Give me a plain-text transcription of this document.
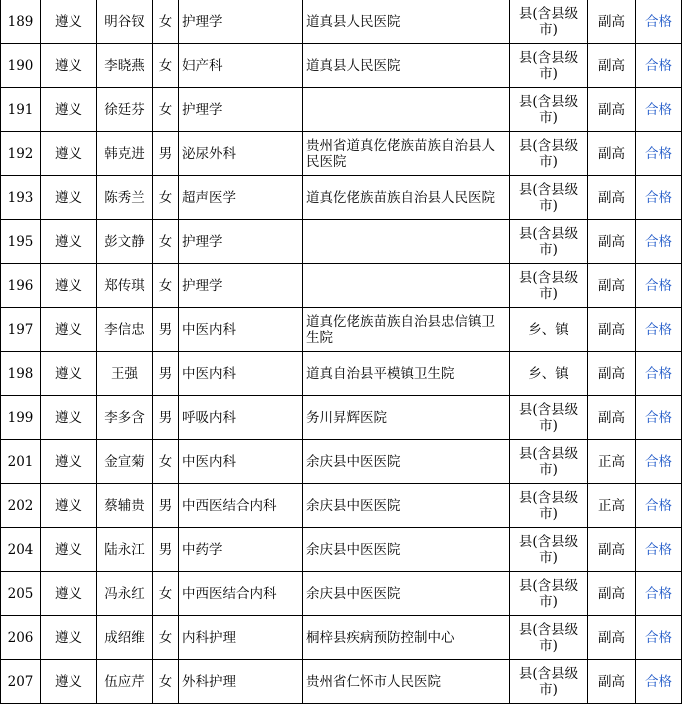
189	遵义	明谷钗	女	护理学	道真县人民医院	县(含县级市)	副高	合格
190	遵义	李晓燕	女	妇产科	道真县人民医院	县(含县级市)	副高	合格
191	遵义	徐廷芬	女	护理学		县(含县级市)	副高	合格
192	遵义	韩克进	男	泌尿外科	贵州省道真仡佬族苗族自治县人民医院	县(含县级市)	副高	合格
193	遵义	陈秀兰	女	超声医学	道真仡佬族苗族自治县人民医院	县(含县级市)	副高	合格
195	遵义	彭文静	女	护理学		县(含县级市)	副高	合格
196	遵义	郑传琪	女	护理学		县(含县级市)	副高	合格
197	遵义	李信忠	男	中医内科	道真仡佬族苗族自治县忠信镇卫生院	乡、镇	副高	合格
198	遵义	王强	男	中医内科	道真自治县平模镇卫生院	乡、镇	副高	合格
199	遵义	李多含	男	呼吸内科	务川昇辉医院	县(含县级市)	副高	合格
201	遵义	金宣菊	女	中医内科	余庆县中医医院	县(含县级市)	正高	合格
202	遵义	蔡辅贵	男	中西医结合内科	余庆县中医医院	县(含县级市)	正高	合格
204	遵义	陆永江	男	中药学	余庆县中医医院	县(含县级市)	副高	合格
205	遵义	冯永红	女	中西医结合内科	余庆县中医医院	县(含县级市)	副高	合格
206	遵义	成绍维	女	内科护理	桐梓县疾病预防控制中心	县(含县级市)	副高	合格
207	遵义	伍应芹	女	外科护理	贵州省仁怀市人民医院	县(含县级市)	副高	合格
